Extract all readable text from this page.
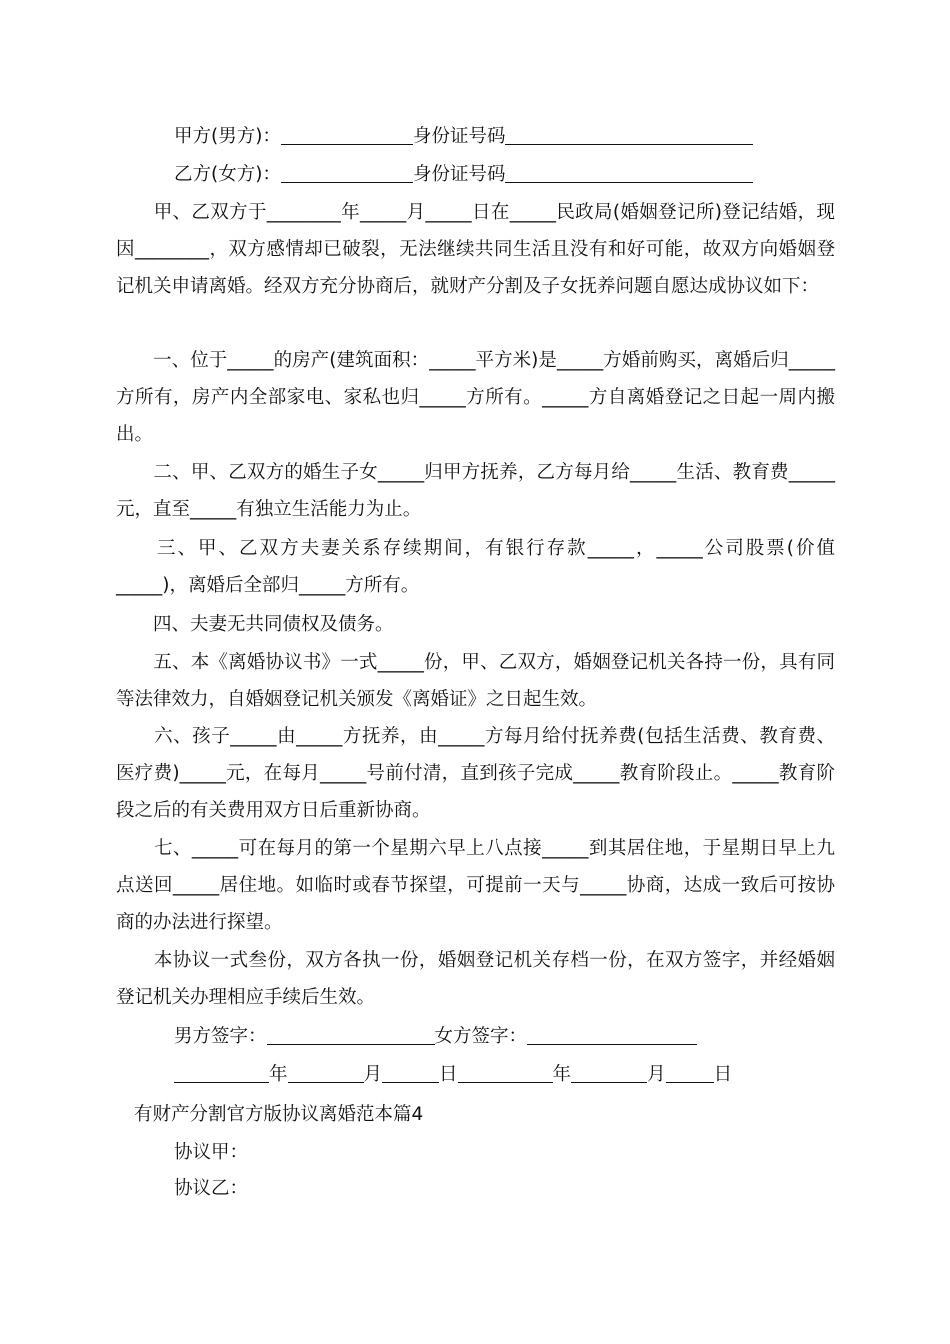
甲方(男方)：	身份证号码
乙方(女方)：	身份证号码
　　甲、乙双方于________年_____月_____日在_____民政局(婚姻登记所)登记结婚，现因________，双方感情却已破裂，无法继续共同生活且没有和好可能，故双方向婚姻登记机关申请离婚。经双方充分协商后，就财产分割及子女抚养问题自愿达成协议如下：
　　一、位于_____的房产(建筑面积：_____平方米)是_____方婚前购买，离婚后归_____方所有，房产内全部家电、家私也归_____方所有。_____方自离婚登记之日起一周内搬出。
　　二、甲、乙双方的婚生子女_____归甲方抚养，乙方每月给_____生活、教育费_____元，直至_____有独立生活能力为止。
　　三、甲、乙双方夫妻关系存续期间，有银行存款_____，_____公司股票(价值_____)，离婚后全部归_____方所有。
　　四、夫妻无共同债权及债务。
　　五、本《离婚协议书》一式_____份，甲、乙双方，婚姻登记机关各持一份，具有同等法律效力，自婚姻登记机关颁发《离婚证》之日起生效。
　　六、孩子_____由_____方抚养，由_____方每月给付抚养费(包括生活费、教育费、医疗费)_____元，在每月_____号前付清，直到孩子完成_____教育阶段止。_____教育阶段之后的有关费用双方日后重新协商。
　　七、_____可在每月的第一个星期六早上八点接_____到其居住地，于星期日早上九点送回_____居住地。如临时或春节探望，可提前一天与_____协商，达成一致后可按协商的办法进行探望。
　　本协议一式叁份，双方各执一份，婚姻登记机关存档一份，在双方签字，并经婚姻登记机关办理相应手续后生效。
男方签字：	女方签字：
年	月	日	年	月	日
有财产分割官方版协议离婚范本篇4
协议甲：
协议乙：
